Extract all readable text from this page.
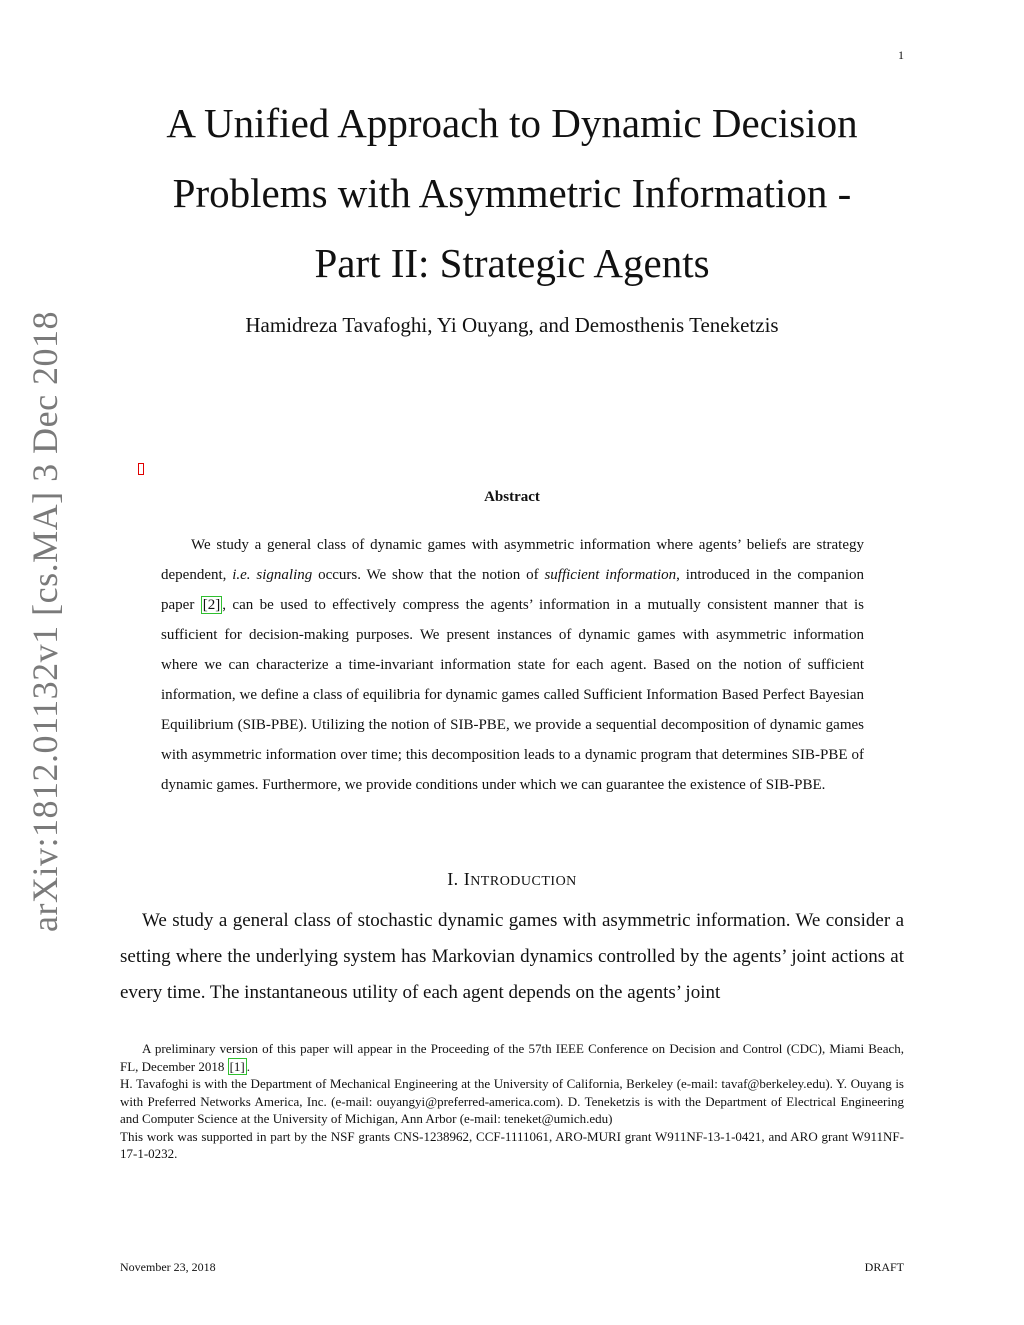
1
arXiv:1812.01132v1 [cs.MA] 3 Dec 2018
A Unified Approach to Dynamic Decision
Problems with Asymmetric Information -
Part II: Strategic Agents
Hamidreza Tavafoghi, Yi Ouyang, and Demosthenis Teneketzis
Abstract

We study a general class of dynamic games with asymmetric information where agents’ beliefs are strategy dependent, i.e. signaling occurs. We show that the notion of sufficient information, introduced in the companion paper [2] , can be used to effectively compress the agents’ information in a mutually consistent manner that is sufficient for decision-making purposes. We present instances of dynamic games with asymmetric information where we can characterize a time-invariant information state for each agent. Based on the notion of sufficient information, we define a class of equilibria for dynamic games called Sufficient Information Based Perfect Bayesian Equilibrium (SIB-PBE). Utilizing the notion of SIB-PBE, we provide a sequential decomposition of dynamic games with asymmetric information over time; this decomposition leads to a dynamic program that determines SIB-PBE of dynamic games. Furthermore, we provide conditions under which we can guarantee the existence of SIB-PBE.

I. INTRODUCTION

We study a general class of stochastic dynamic games with asymmetric information. We consider a setting where the underlying system has Markovian dynamics controlled by the agents’ joint actions at every time. The instantaneous utility of each agent depends on the agents’ joint

A preliminary version of this paper will appear in the Proceeding of the 57th IEEE Conference on Decision and Control (CDC), Miami Beach, FL, December 2018 [1] .

H. Tavafoghi is with the Department of Mechanical Engineering at the University of California, Berkeley (e-mail: tavaf@berkeley.edu). Y. Ouyang is with Preferred Networks America, Inc. (e-mail: ouyangyi@preferred-america.com). D. Teneketzis is with the Department of Electrical Engineering and Computer Science at the University of Michigan, Ann Arbor (e-mail: teneket@umich.edu)

This work was supported in part by the NSF grants CNS-1238962, CCF-1111061, ARO-MURI grant W911NF-13-1-0421, and ARO grant W911NF-17-1-0232.

November 23, 2018	DRAFT
